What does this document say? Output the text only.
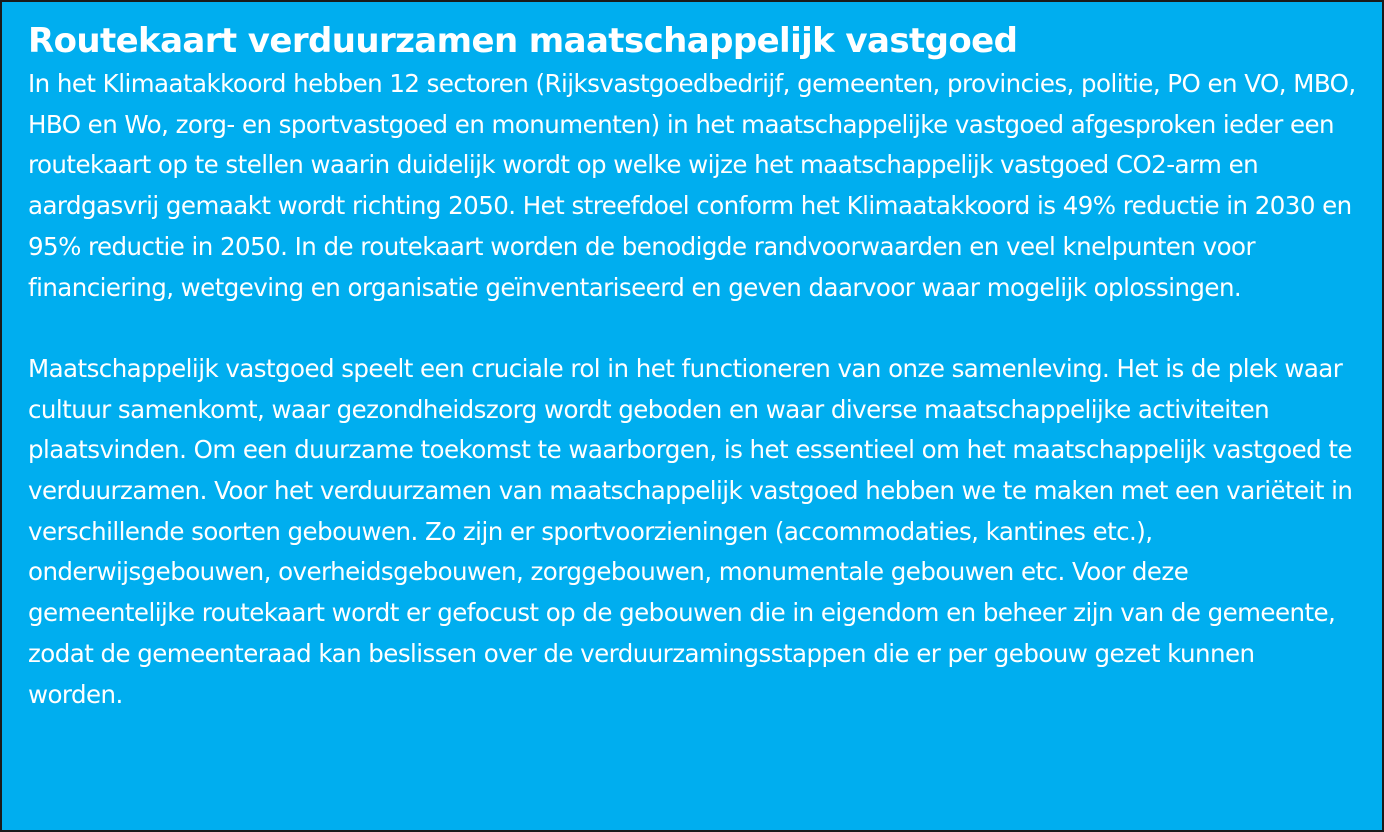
Routekaart verduurzamen maatschappelijk vastgoed

In het Klimaatakkoord hebben 12 sectoren (Rijksvastgoedbedrijf, gemeenten, provincies, politie, PO en VO, MBO, HBO en Wo, zorg- en sportvastgoed en monumenten) in het maatschappelijke vastgoed afgesproken ieder een routekaart op te stellen waarin duidelijk wordt op welke wijze het maatschappelijk vastgoed CO2-arm en aardgasvrij gemaakt wordt richting 2050. Het streefdoel conform het Klimaatakkoord is 49% reductie in 2030 en 95% reductie in 2050. In de routekaart worden de benodigde randvoorwaarden en veel knelpunten voor financiering, wetgeving en organisatie geïnventariseerd en geven daarvoor waar mogelijk oplossingen.

Maatschappelijk vastgoed speelt een cruciale rol in het functioneren van onze samenleving. Het is de plek waar cultuur samenkomt, waar gezondheidszorg wordt geboden en waar diverse maatschappelijke activiteiten plaatsvinden. Om een duurzame toekomst te waarborgen, is het essentieel om het maatschappelijk vastgoed te verduurzamen. Voor het verduurzamen van maatschappelijk vastgoed hebben we te maken met een variëteit in verschillende soorten gebouwen. Zo zijn er sportvoorzieningen (accommodaties, kantines etc.), onderwijsgebouwen, overheidsgebouwen, zorggebouwen, monumentale gebouwen etc. Voor deze gemeentelijke routekaart wordt er gefocust op de gebouwen die in eigendom en beheer zijn van de gemeente, zodat de gemeenteraad kan beslissen over de verduurzamingsstappen die er per gebouw gezet kunnen worden.
